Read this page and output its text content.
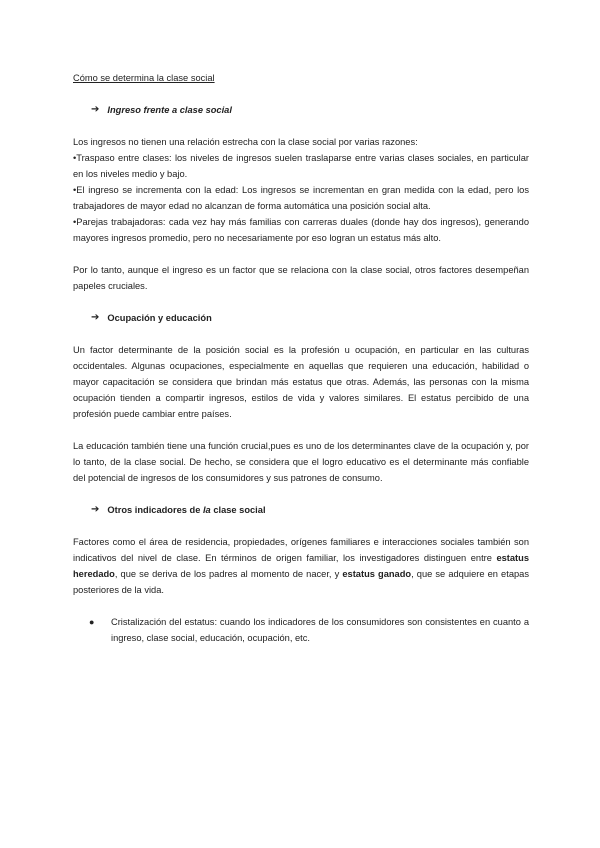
Cómo se determina la clase social

➔ Ingreso frente a clase social

Los ingresos no tienen una relación estrecha con la clase social por varias razones:

•Traspaso entre clases: los niveles de ingresos suelen traslaparse entre varias clases sociales, en particular en los niveles medio y bajo.

•El ingreso se incrementa con la edad: Los ingresos se incrementan en gran medida con la edad, pero los trabajadores de mayor edad no alcanzan de forma automática una posición social alta.

•Parejas trabajadoras: cada vez hay más familias con carreras duales (donde hay dos ingresos), generando mayores ingresos promedio, pero no necesariamente por eso logran un estatus más alto.

Por lo tanto, aunque el ingreso es un factor que se relaciona con la clase social, otros factores desempeñan papeles cruciales.

➔ Ocupación y educación

Un factor determinante de la posición social es la profesión u ocupación, en particular en las culturas occidentales. Algunas ocupaciones, especialmente en aquellas que requieren una educación, habilidad o mayor capacitación se considera que brindan más estatus que otras. Además, las personas con la misma ocupación tienden a compartir ingresos, estilos de vida y valores similares. El estatus percibido de una profesión puede cambiar entre países.

La educación también tiene una función crucial,pues es uno de los determinantes clave de la ocupación y, por lo tanto, de la clase social. De hecho, se considera que el logro educativo es el determinante más confiable del potencial de ingresos de los consumidores y sus patrones de consumo.

➔ Otros indicadores de la clase social

Factores como el área de residencia, propiedades, orígenes familiares e interacciones sociales también son indicativos del nivel de clase. En términos de origen familiar, los investigadores distinguen entre estatus heredado, que se deriva de los padres al momento de nacer, y estatus ganado, que se adquiere en etapas posteriores de la vida.

●	Cristalización del estatus: cuando los indicadores de los consumidores son consistentes en cuanto a ingreso, clase social, educación, ocupación, etc.
